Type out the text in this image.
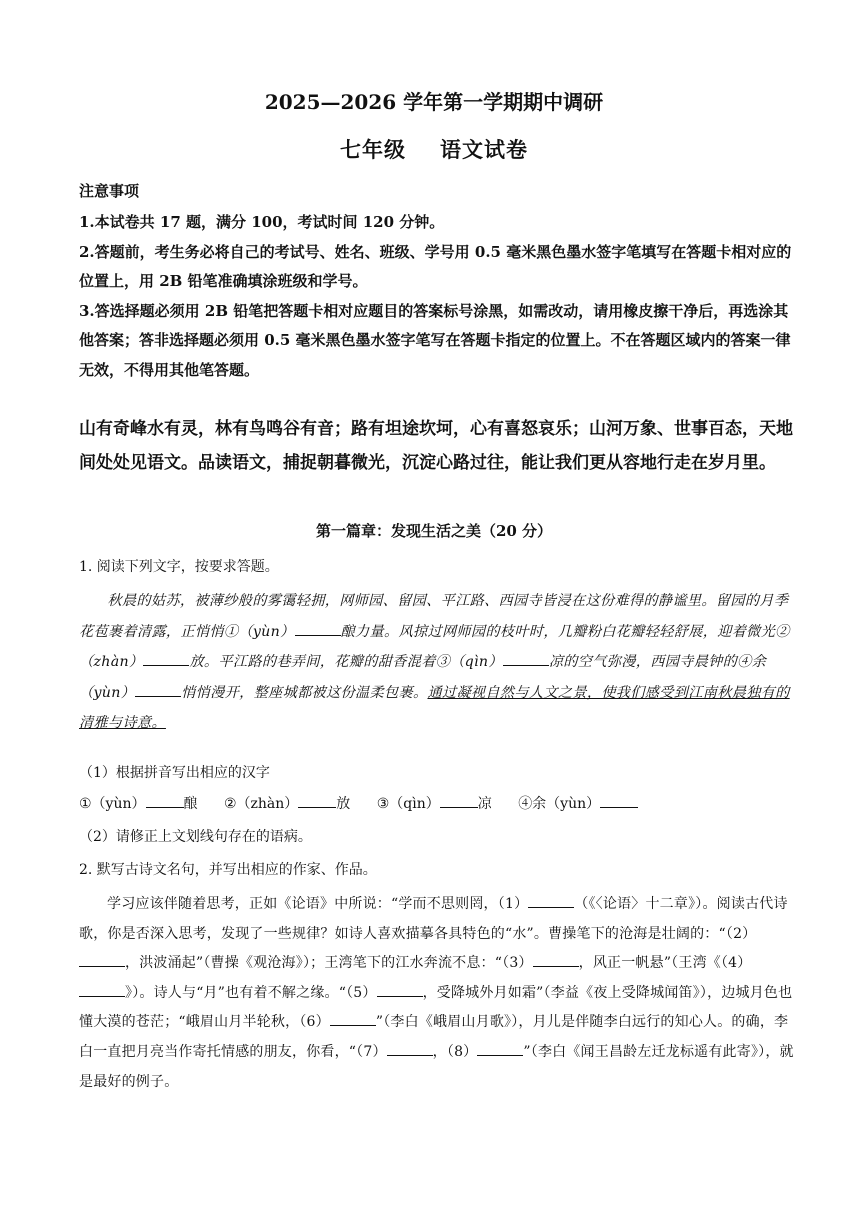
2025—2026 学年第一学期期中调研
七年级 语文试卷
注意事项

1.本试卷共 17 题，满分 100，考试时间 120 分钟。

2.答题前，考生务必将自己的考试号、姓名、班级、学号用 0.5 毫米黑色墨水签字笔填写在答题卡相对应的位置上，用 2B 铅笔准确填涂班级和学号。

3.答选择题必须用 2B 铅笔把答题卡相对应题目的答案标号涂黑，如需改动，请用橡皮擦干净后，再选涂其他答案；答非选择题必须用 0.5 毫米黑色墨水签字笔写在答题卡指定的位置上。不在答题区域内的答案一律无效，不得用其他笔答题。

山有奇峰水有灵，林有鸟鸣谷有音；路有坦途坎坷，心有喜怒哀乐；山河万象、世事百态，天地间处处见语文。品读语文，捕捉朝暮微光，沉淀心路过往，能让我们更从容地行走在岁月里。

第一篇章：发现生活之美（20 分）
1. 阅读下列文字，按要求答题。

秋晨的姑苏，被薄纱般的雾霭轻拥，网师园、留园、平江路、西园寺皆浸在这份难得的静谧里。留园的月季花苞裹着清露，正悄悄①（yùn）	酿力量。风掠过网师园的枝叶时，几瓣粉白花瓣轻轻舒展，迎着微光②（zhàn）	放。平江路的巷弄间，花瓣的甜香混着③（qìn）	凉的空气弥漫，西园寺晨钟的④余（yùn）	悄悄漫开，整座城都被这份温柔包裹。通过凝视自然与人文之景，使我们感受到江南秋晨独有的清雅与诗意。

（1）根据拼音写出相应的汉字
①（yùn）	酿 ②（zhàn）	放 ③（qìn）	凉 ④余（yùn）
（2）请修正上文划线句存在的语病。
2. 默写古诗文名句，并写出相应的作家、作品。

学习应该伴随着思考，正如《论语》中所说：“学而不思则罔，（1）	（《〈论语〉十二章》）。阅读古代诗歌，你是否深入思考，发现了一些规律？如诗人喜欢描摹各具特色的“水”。曹操笔下的沧海是壮阔的：“（2），洪波涌起”（曹操《观沧海》）；王湾笔下的江水奔流不息：“（3）	，风正一帆悬”（王湾《（4）》）。诗人与“月”也有着不解之缘。“（5）	，受降城外月如霜”（李益《夜上受降城闻笛》），边城月色也懂大漠的苍茫；“峨眉山月半轮秋，（6）	”（李白《峨眉山月歌》），月儿是伴随李白远行的知心人。的确，李白一直把月亮当作寄托情感的朋友，你看，“（7）	，（8）	”（李白《闻王昌龄左迁龙标遥有此寄》），就是最好的例子。
